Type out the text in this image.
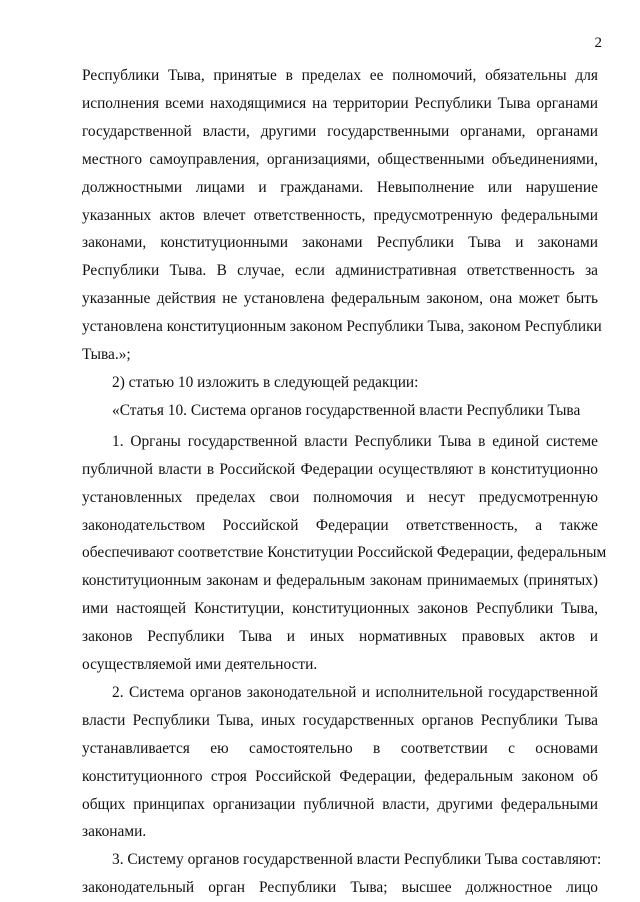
2
Республики Тыва, принятые в пределах ее полномочий, обязательны для
исполнения всеми находящимися на территории Республики Тыва органами
государственной власти, другими государственными органами, органами
местного самоуправления, организациями, общественными объединениями,
должностными лицами и гражданами. Невыполнение или нарушение
указанных актов влечет ответственность, предусмотренную федеральными
законами, конституционными законами Республики Тыва и законами
Республики Тыва. В случае, если административная ответственность за
указанные действия не установлена федеральным законом, она может быть
установлена конституционным законом Республики Тыва, законом Республики
Тыва.»;
2) статью 10 изложить в следующей редакции:
«Статья 10. Система органов государственной власти Республики Тыва
1. Органы государственной власти Республики Тыва в единой системе
публичной власти в Российской Федерации осуществляют в конституционно
установленных пределах свои полномочия и несут предусмотренную
законодательством Российской Федерации ответственность, а также
обеспечивают соответствие Конституции Российской Федерации, федеральным
конституционным законам и федеральным законам принимаемых (принятых)
ими настоящей Конституции, конституционных законов Республики Тыва,
законов Республики Тыва и иных нормативных правовых актов и
осуществляемой ими деятельности.
2. Система органов законодательной и исполнительной государственной
власти Республики Тыва, иных государственных органов Республики Тыва
устанавливается ею самостоятельно в соответствии с основами
конституционного строя Российской Федерации, федеральным законом об
общих принципах организации публичной власти, другими федеральными
законами.
3. Систему органов государственной власти Республики Тыва составляют:
законодательный орган Республики Тыва; высшее должностное лицо
